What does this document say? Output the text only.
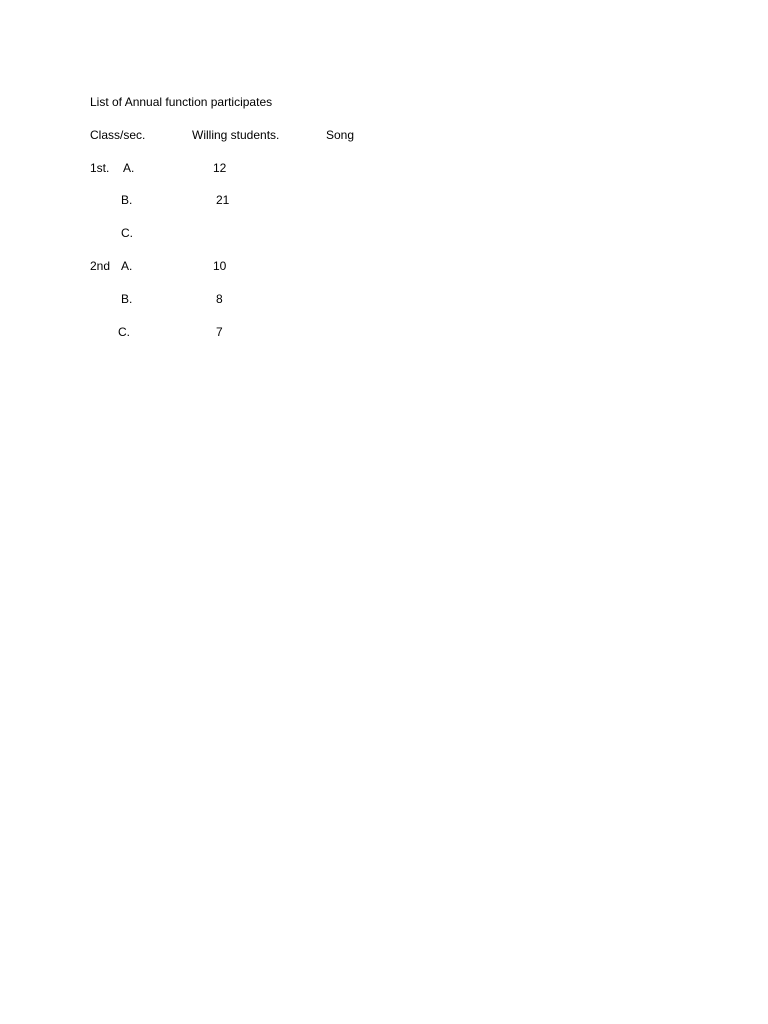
List of Annual function participates
Class/sec.	Willing students.	Song
1st. A.	12
B.	21
C.
2nd A.	10
B.	8
C.	7
